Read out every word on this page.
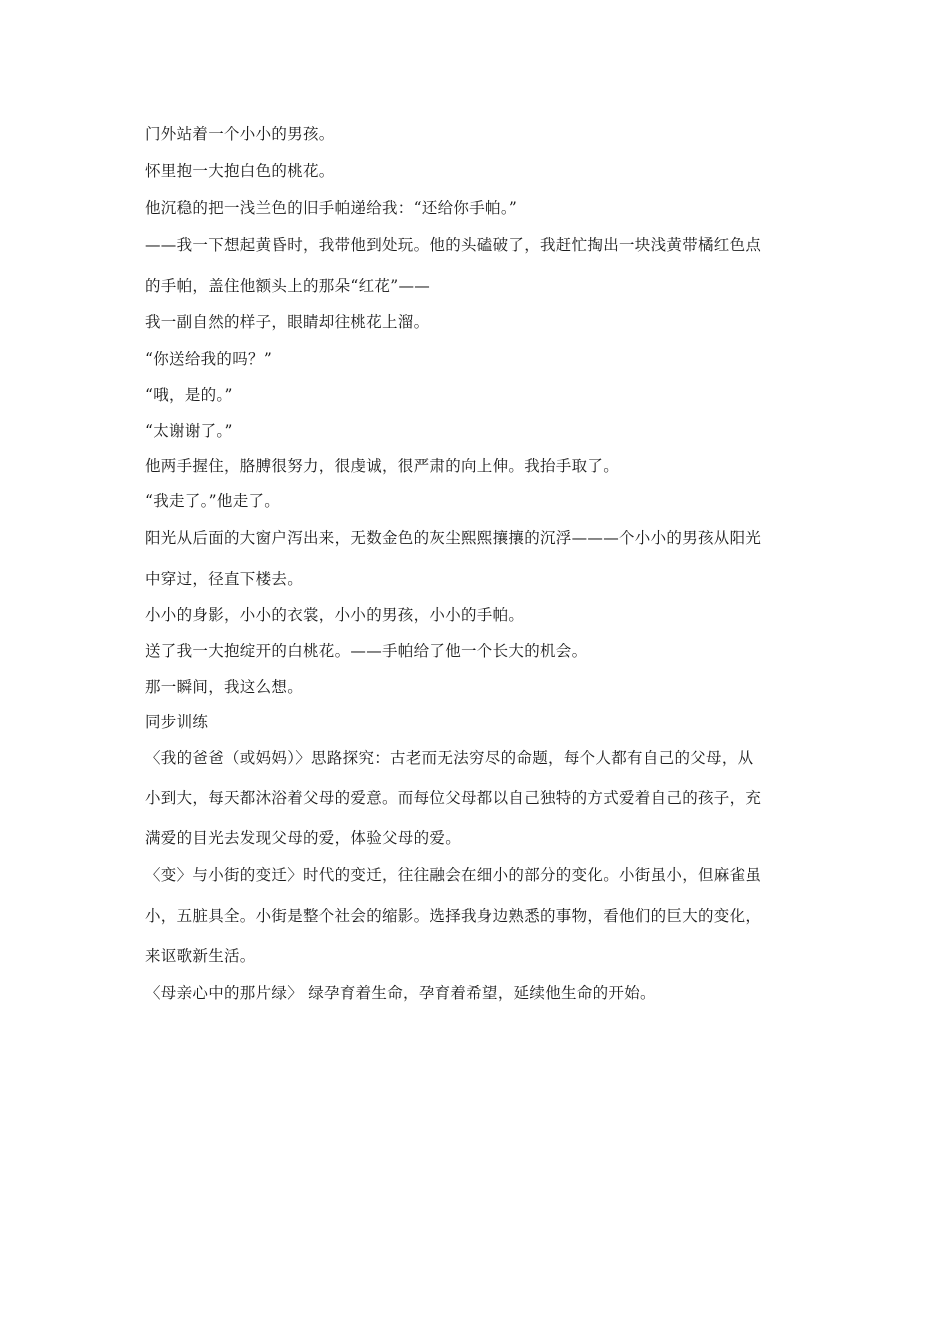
门外站着一个小小的男孩。
怀里抱一大抱白色的桃花。
他沉稳的把一浅兰色的旧手帕递给我：“还给你手帕。”
——我一下想起黄昏时，我带他到处玩。他的头磕破了，我赶忙掏出一块浅黄带橘红色点
的手帕，盖住他额头上的那朵“红花”——
我一副自然的样子，眼睛却往桃花上溜。
“你送给我的吗？”
“哦，是的。”
“太谢谢了。”
他两手握住，胳膊很努力，很虔诚，很严肃的向上伸。我抬手取了。
“我走了。”他走了。
阳光从后面的大窗户泻出来，无数金色的灰尘熙熙攘攘的沉浮———个小小的男孩从阳光
中穿过，径直下楼去。
小小的身影，小小的衣裳，小小的男孩，小小的手帕。
送了我一大抱绽开的白桃花。——手帕给了他一个长大的机会。
那一瞬间，我这么想。
同步训练
〈我的爸爸（或妈妈）〉思路探究：古老而无法穷尽的命题，每个人都有自己的父母，从
小到大，每天都沐浴着父母的爱意。而每位父母都以自己独特的方式爱着自己的孩子，充
满爱的目光去发现父母的爱，体验父母的爱。
〈变〉与小街的变迁〉时代的变迁，往往融会在细小的部分的变化。小街虽小，但麻雀虽
小，五脏具全。小街是整个社会的缩影。选择我身边熟悉的事物，看他们的巨大的变化，
来讴歌新生活。
〈母亲心中的那片绿〉 绿孕育着生命，孕育着希望，延续他生命的开始。
